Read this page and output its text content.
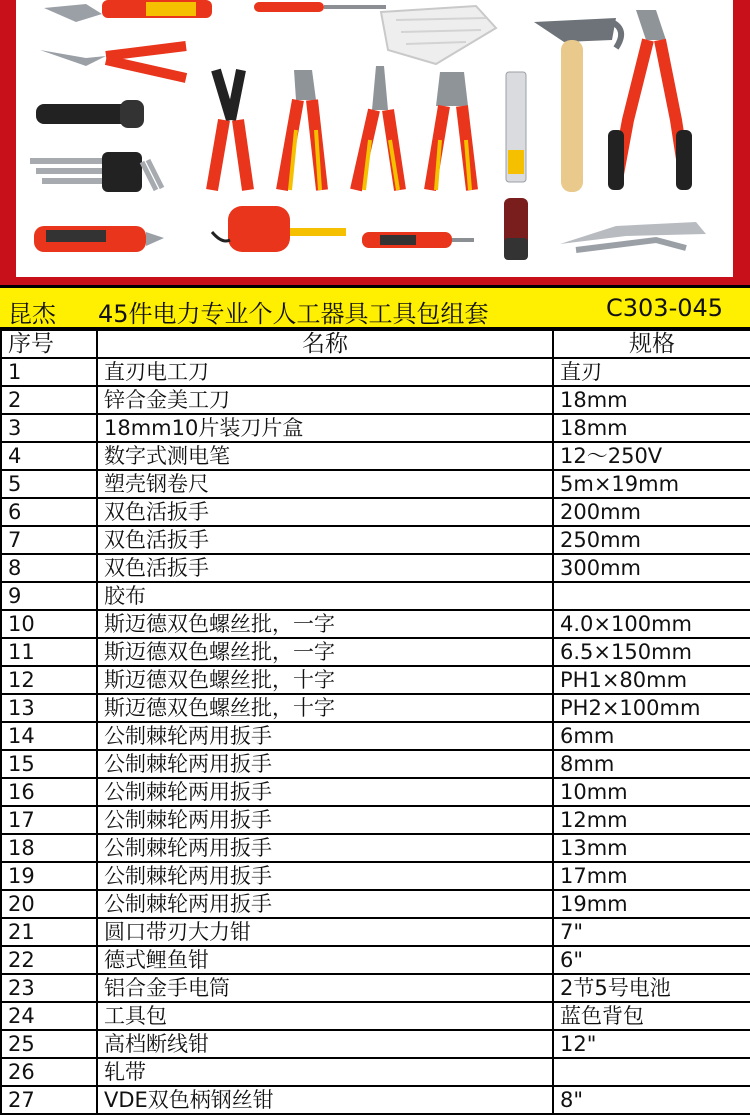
昆杰 45件电力专业个人工器具工具包组套	C303-045
序号	名称	规格
1	直刃电工刀	直刃
2	锌合金美工刀	18mm
3	18mm10片装刀片盒	18mm
4	数字式测电笔	12～250V
5	塑壳钢卷尺	5m×19mm
6	双色活扳手	200mm
7	双色活扳手	250mm
8	双色活扳手	300mm
9	胶布	
10	斯迈德双色螺丝批，一字	4.0×100mm
11	斯迈德双色螺丝批，一字	6.5×150mm
12	斯迈德双色螺丝批，十字	PH1×80mm
13	斯迈德双色螺丝批，十字	PH2×100mm
14	公制棘轮两用扳手	6mm
15	公制棘轮两用扳手	8mm
16	公制棘轮两用扳手	10mm
17	公制棘轮两用扳手	12mm
18	公制棘轮两用扳手	13mm
19	公制棘轮两用扳手	17mm
20	公制棘轮两用扳手	19mm
21	圆口带刃大力钳	7"
22	德式鲤鱼钳	6"
23	铝合金手电筒	2节5号电池
24	工具包	蓝色背包
25	高档断线钳	12"
26	轧带	
27	VDE双色柄钢丝钳	8"
